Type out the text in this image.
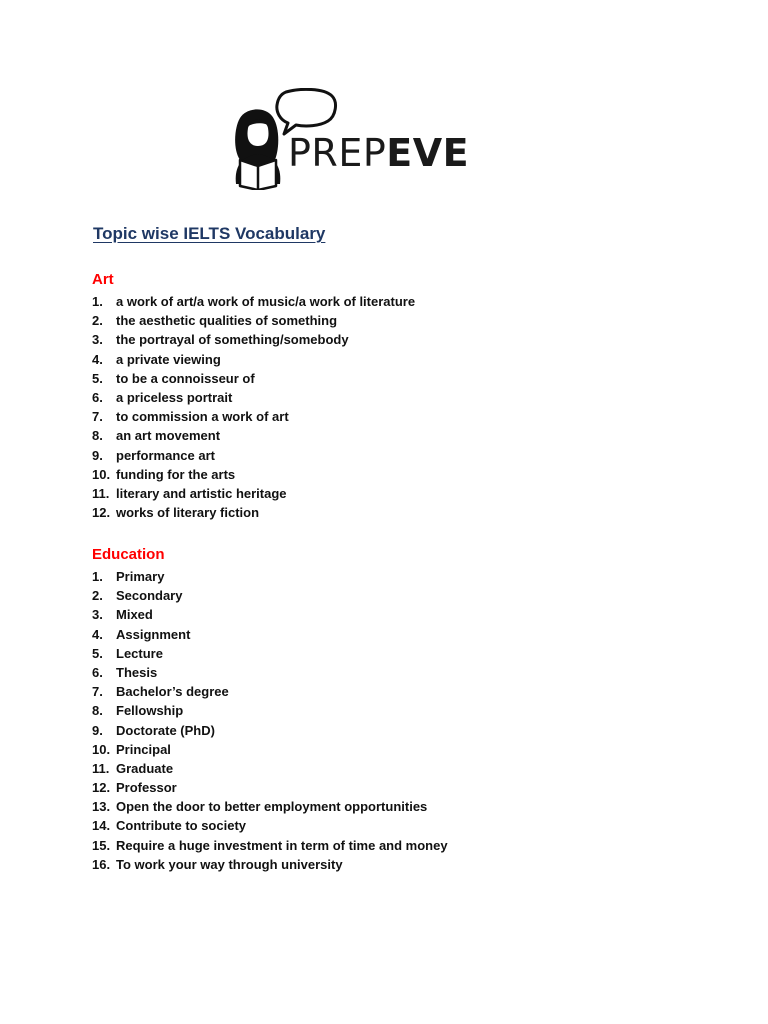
PREPEVE
Topic wise IELTS Vocabulary
Art
1.	a work of art/a work of music/a work of literature
2.	the aesthetic qualities of something
3.	the portrayal of something/somebody
4.	a private viewing
5.	to be a connoisseur of
6.	a priceless portrait
7.	to commission a work of art
8.	an art movement
9.	performance art
10. funding for the arts
11. literary and artistic heritage
12. works of literary fiction
Education
1.	Primary
2.	Secondary
3.	Mixed
4.	Assignment
5.	Lecture
6.	Thesis
7.	Bachelor’s degree
8.	Fellowship
9.	Doctorate (PhD)
10. Principal
11. Graduate
12. Professor
13. Open the door to better employment opportunities
14. Contribute to society
15. Require a huge investment in term of time and money
16. To work your way through university
